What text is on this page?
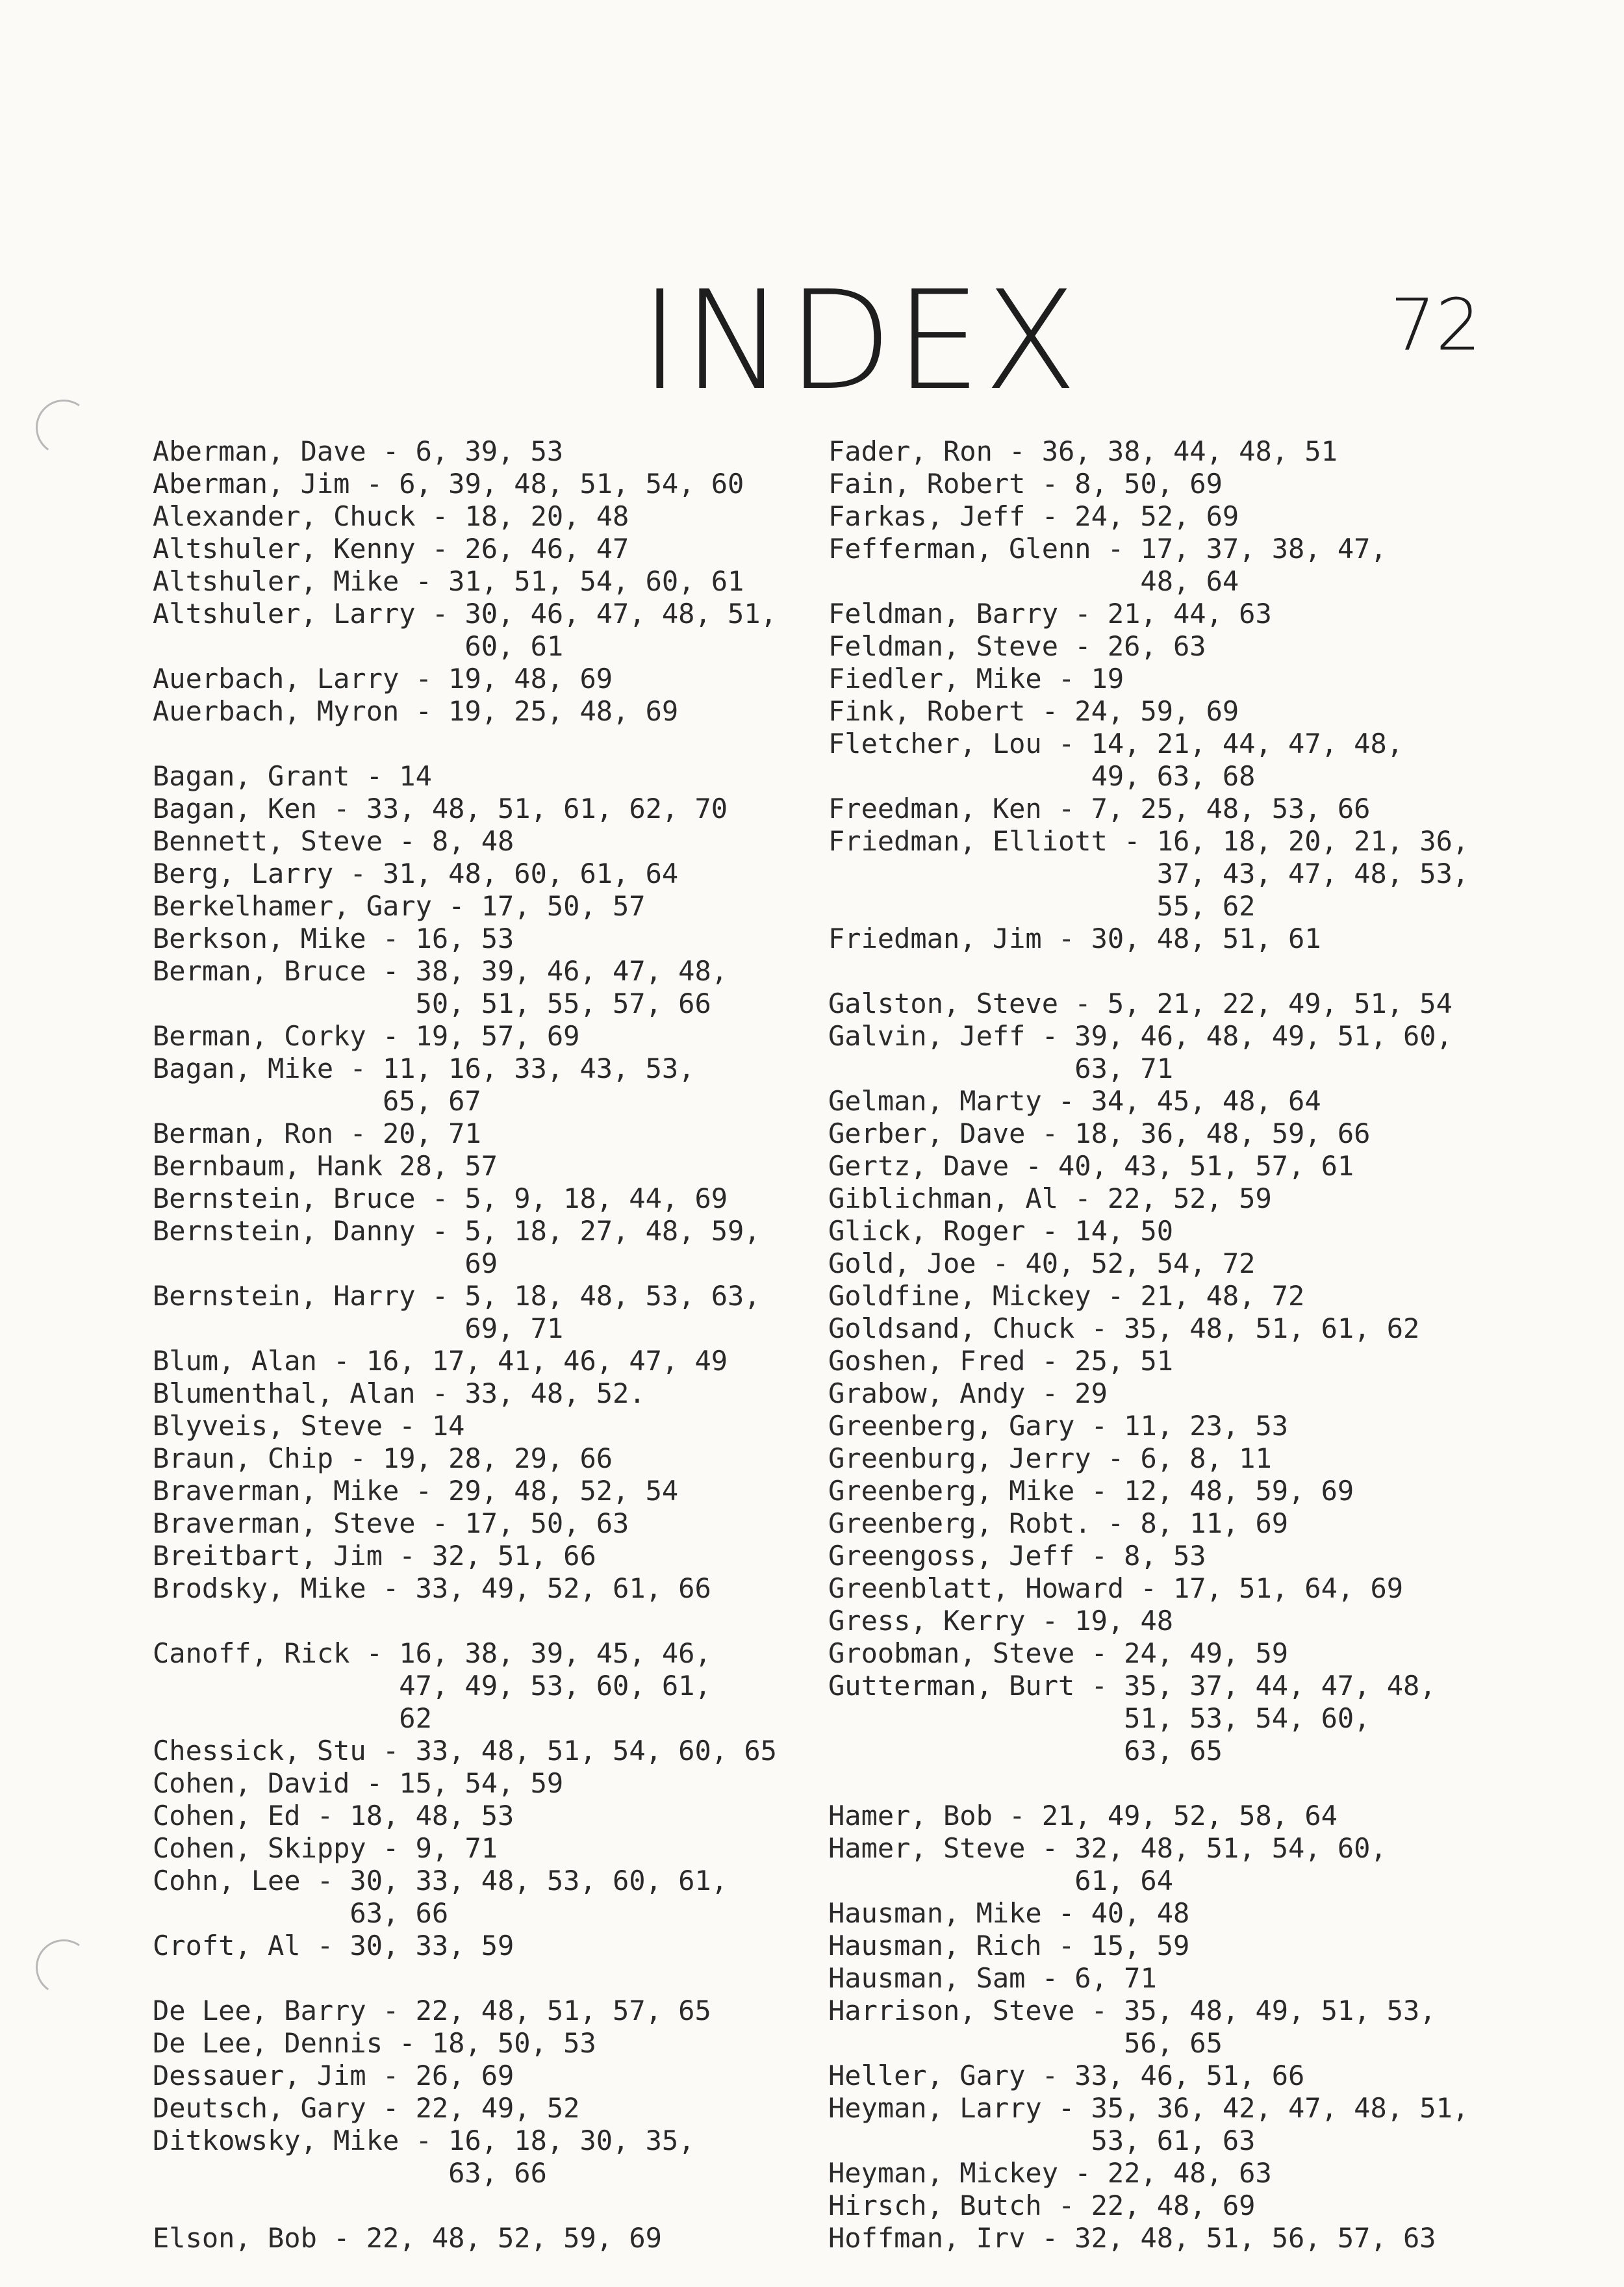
INDEX	72
Aberman, Dave - 6, 39, 53
Aberman, Jim - 6, 39, 48, 51, 54, 60
Alexander, Chuck - 18, 20, 48
Altshuler, Kenny - 26, 46, 47
Altshuler, Mike - 31, 51, 54, 60, 61
Altshuler, Larry - 30, 46, 47, 48, 51,
60, 61
Auerbach, Larry - 19, 48, 69
Auerbach, Myron - 19, 25, 48, 69
Bagan, Grant - 14
Bagan, Ken - 33, 48, 51, 61, 62, 70
Bennett, Steve - 8, 48
Berg, Larry - 31, 48, 60, 61, 64
Berkelhamer, Gary - 17, 50, 57
Berkson, Mike - 16, 53
Berman, Bruce - 38, 39, 46, 47, 48,
50, 51, 55, 57, 66
Berman, Corky - 19, 57, 69
Bagan, Mike - 11, 16, 33, 43, 53,
65, 67
Berman, Ron - 20, 71
Bernbaum, Hank 28, 57
Bernstein, Bruce - 5, 9, 18, 44, 69
Bernstein, Danny - 5, 18, 27, 48, 59,
69
Bernstein, Harry - 5, 18, 48, 53, 63,
69, 71
Blum, Alan - 16, 17, 41, 46, 47, 49
Blumenthal, Alan - 33, 48, 52.
Blyveis, Steve - 14
Braun, Chip - 19, 28, 29, 66
Braverman, Mike - 29, 48, 52, 54
Braverman, Steve - 17, 50, 63
Breitbart, Jim - 32, 51, 66
Brodsky, Mike - 33, 49, 52, 61, 66
Canoff, Rick - 16, 38, 39, 45, 46,
47, 49, 53, 60, 61,
62
Chessick, Stu - 33, 48, 51, 54, 60, 65
Cohen, David - 15, 54, 59
Cohen, Ed - 18, 48, 53
Cohen, Skippy - 9, 71
Cohn, Lee - 30, 33, 48, 53, 60, 61,
63, 66
Croft, Al - 30, 33, 59
De Lee, Barry - 22, 48, 51, 57, 65
De Lee, Dennis - 18, 50, 53
Dessauer, Jim - 26, 69
Deutsch, Gary - 22, 49, 52
Ditkowsky, Mike - 16, 18, 30, 35,
63, 66
Elson, Bob - 22, 48, 52, 59, 69
Fader, Ron - 36, 38, 44, 48, 51
Fain, Robert - 8, 50, 69
Farkas, Jeff - 24, 52, 69
Fefferman, Glenn - 17, 37, 38, 47,
48, 64
Feldman, Barry - 21, 44, 63
Feldman, Steve - 26, 63
Fiedler, Mike - 19
Fink, Robert - 24, 59, 69
Fletcher, Lou - 14, 21, 44, 47, 48,
49, 63, 68
Freedman, Ken - 7, 25, 48, 53, 66
Friedman, Elliott - 16, 18, 20, 21, 36,
37, 43, 47, 48, 53,
55, 62
Friedman, Jim - 30, 48, 51, 61
Galston, Steve - 5, 21, 22, 49, 51, 54
Galvin, Jeff - 39, 46, 48, 49, 51, 60,
63, 71
Gelman, Marty - 34, 45, 48, 64
Gerber, Dave - 18, 36, 48, 59, 66
Gertz, Dave - 40, 43, 51, 57, 61
Giblichman, Al - 22, 52, 59
Glick, Roger - 14, 50
Gold, Joe - 40, 52, 54, 72
Goldfine, Mickey - 21, 48, 72
Goldsand, Chuck - 35, 48, 51, 61, 62
Goshen, Fred - 25, 51
Grabow, Andy - 29
Greenberg, Gary - 11, 23, 53
Greenburg, Jerry - 6, 8, 11
Greenberg, Mike - 12, 48, 59, 69
Greenberg, Robt. - 8, 11, 69
Greengoss, Jeff - 8, 53
Greenblatt, Howard - 17, 51, 64, 69
Gress, Kerry - 19, 48
Groobman, Steve - 24, 49, 59
Gutterman, Burt - 35, 37, 44, 47, 48,
51, 53, 54, 60,
63, 65
Hamer, Bob - 21, 49, 52, 58, 64
Hamer, Steve - 32, 48, 51, 54, 60,
61, 64
Hausman, Mike - 40, 48
Hausman, Rich - 15, 59
Hausman, Sam - 6, 71
Harrison, Steve - 35, 48, 49, 51, 53,
56, 65
Heller, Gary - 33, 46, 51, 66
Heyman, Larry - 35, 36, 42, 47, 48, 51,
53, 61, 63
Heyman, Mickey - 22, 48, 63
Hirsch, Butch - 22, 48, 69
Hoffman, Irv - 32, 48, 51, 56, 57, 63
